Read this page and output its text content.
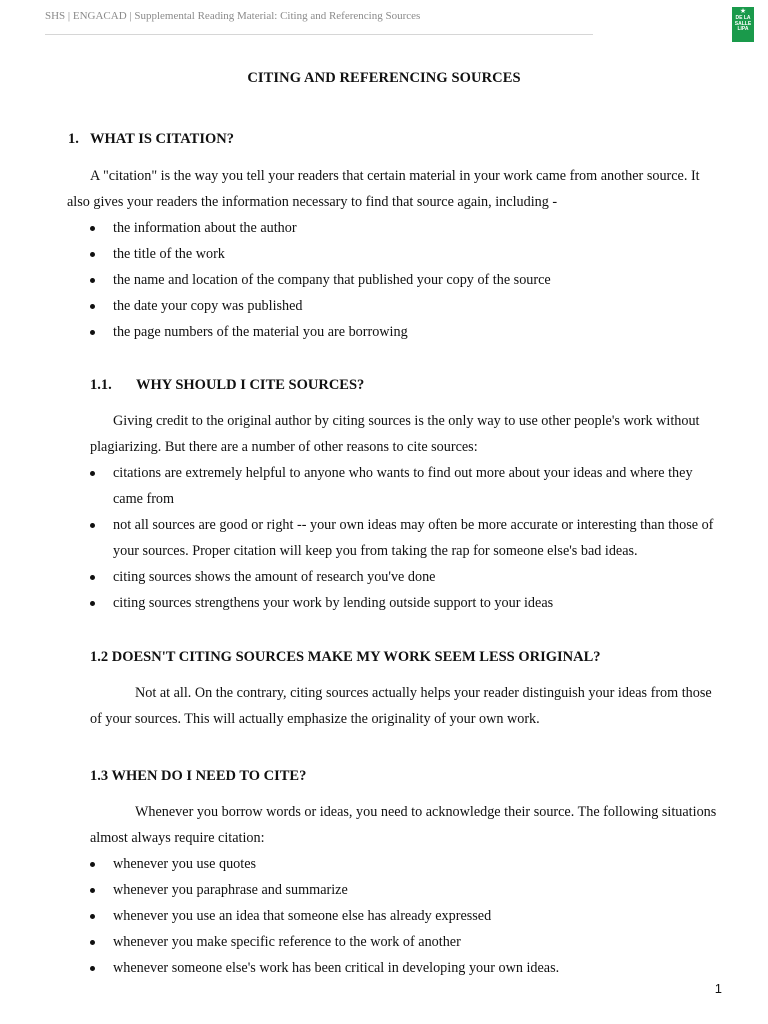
SHS | ENGACAD | Supplemental Reading Material: Citing and Referencing Sources	★
DE LA
SALLE
LIPA
CITING AND REFERENCING SOURCES
1. WHAT IS CITATION?

A "citation" is the way you tell your readers that certain material in your work came from another source. It also gives your readers the information necessary to find that source again, including -

the information about the author
the title of the work
the name and location of the company that published your copy of the source
the date your copy was published
the page numbers of the material you are borrowing
1.1. WHY SHOULD I CITE SOURCES?

Giving credit to the original author by citing sources is the only way to use other people's work without plagiarizing. But there are a number of other reasons to cite sources:

citations are extremely helpful to anyone who wants to find out more about your ideas and where they came from
not all sources are good or right -- your own ideas may often be more accurate or interesting than those of your sources. Proper citation will keep you from taking the rap for someone else's bad ideas.
citing sources shows the amount of research you've done
citing sources strengthens your work by lending outside support to your ideas
1.2 DOESN'T CITING SOURCES MAKE MY WORK SEEM LESS ORIGINAL?

Not at all. On the contrary, citing sources actually helps your reader distinguish your ideas from those of your sources. This will actually emphasize the originality of your own work.

1.3 WHEN DO I NEED TO CITE?

Whenever you borrow words or ideas, you need to acknowledge their source. The following situations almost always require citation:

whenever you use quotes
whenever you paraphrase and summarize
whenever you use an idea that someone else has already expressed
whenever you make specific reference to the work of another
whenever someone else's work has been critical in developing your own ideas.
1
